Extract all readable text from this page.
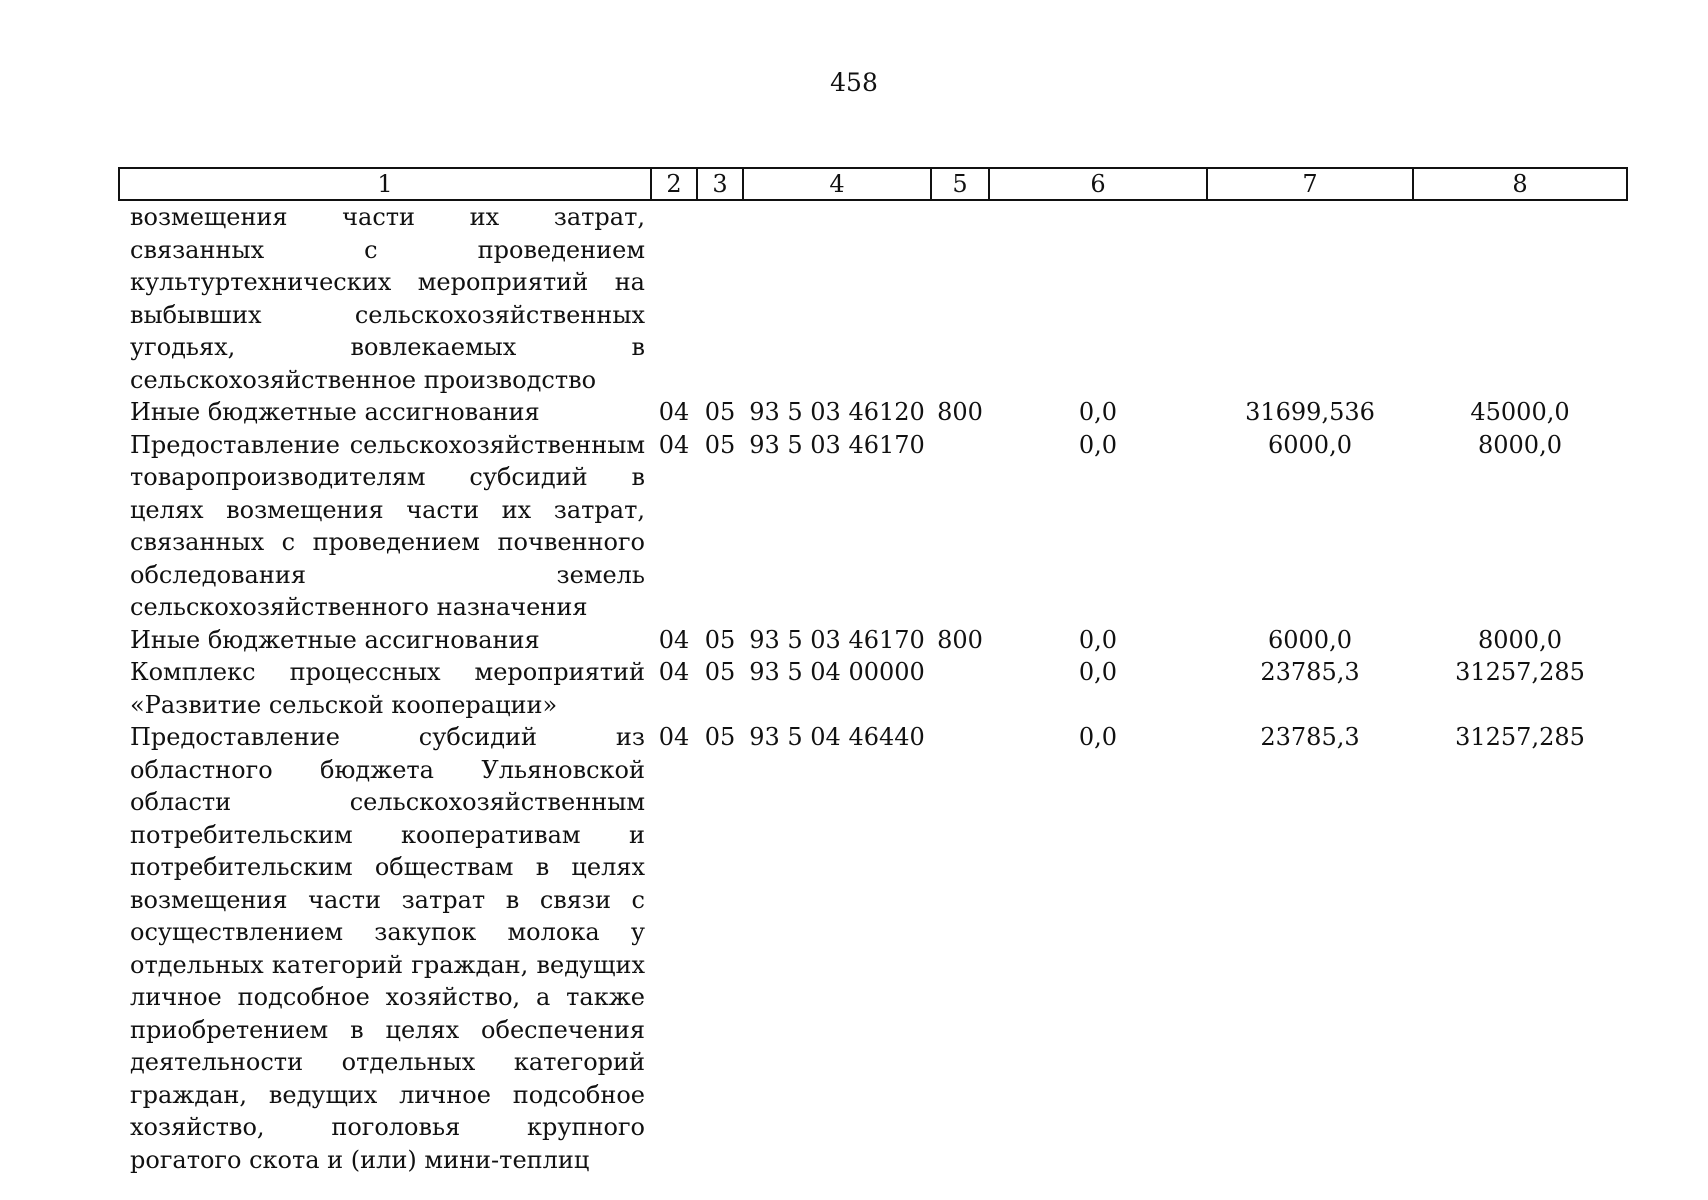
458
1	2	3	4	5	6	7	8
возмещения части их затрат, связанных с проведением культуртехнических мероприятий на выбывших сельскохозяйственных угодьях, вовлекаемых в сельскохозяйственное производство							
Иные бюджетные ассигнования	04	05	93 5 03 46120	800	0,0	31699,536	45000,0
Предоставление сельскохозяйственным товаропроизводителям субсидий в целях возмещения части их затрат, связанных с проведением почвенного обследования земель сельскохозяйственного назначения	04	05	93 5 03 46170		0,0	6000,0	8000,0
Иные бюджетные ассигнования	04	05	93 5 03 46170	800	0,0	6000,0	8000,0
Комплекс процессных мероприятий «Развитие сельской кооперации»	04	05	93 5 04 00000		0,0	23785,3	31257,285
Предоставление субсидий из областного бюджета Ульяновской области сельскохозяйственным потребительским кооперативам и потребительским обществам в целях возмещения части затрат в связи с осуществлением закупок молока у отдельных категорий граждан, ведущих личное подсобное хозяйство, а также приобретением в целях обеспечения деятельности отдельных категорий граждан, ведущих личное подсобное хозяйство, поголовья крупного рогатого скота и (или) мини-теплиц	04	05	93 5 04 46440		0,0	23785,3	31257,285
